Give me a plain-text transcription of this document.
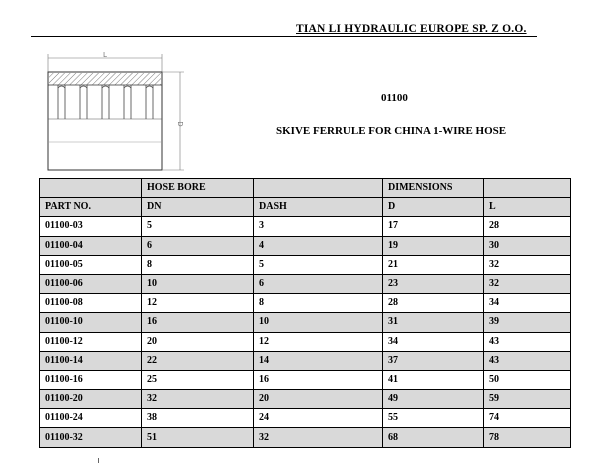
TIAN LI HYDRAULIC EUROPE SP. Z O.O.
L
D
01100
SKIVE FERRULE FOR CHINA 1-WIRE HOSE
	HOSE BORE		DIMENSIONS	
PART NO.	DN	DASH	D	L
01100-03	5	3	17	28
01100-04	6	4	19	30
01100-05	8	5	21	32
01100-06	10	6	23	32
01100-08	12	8	28	34
01100-10	16	10	31	39
01100-12	20	12	34	43
01100-14	22	14	37	43
01100-16	25	16	41	50
01100-20	32	20	49	59
01100-24	38	24	55	74
01100-32	51	32	68	78
